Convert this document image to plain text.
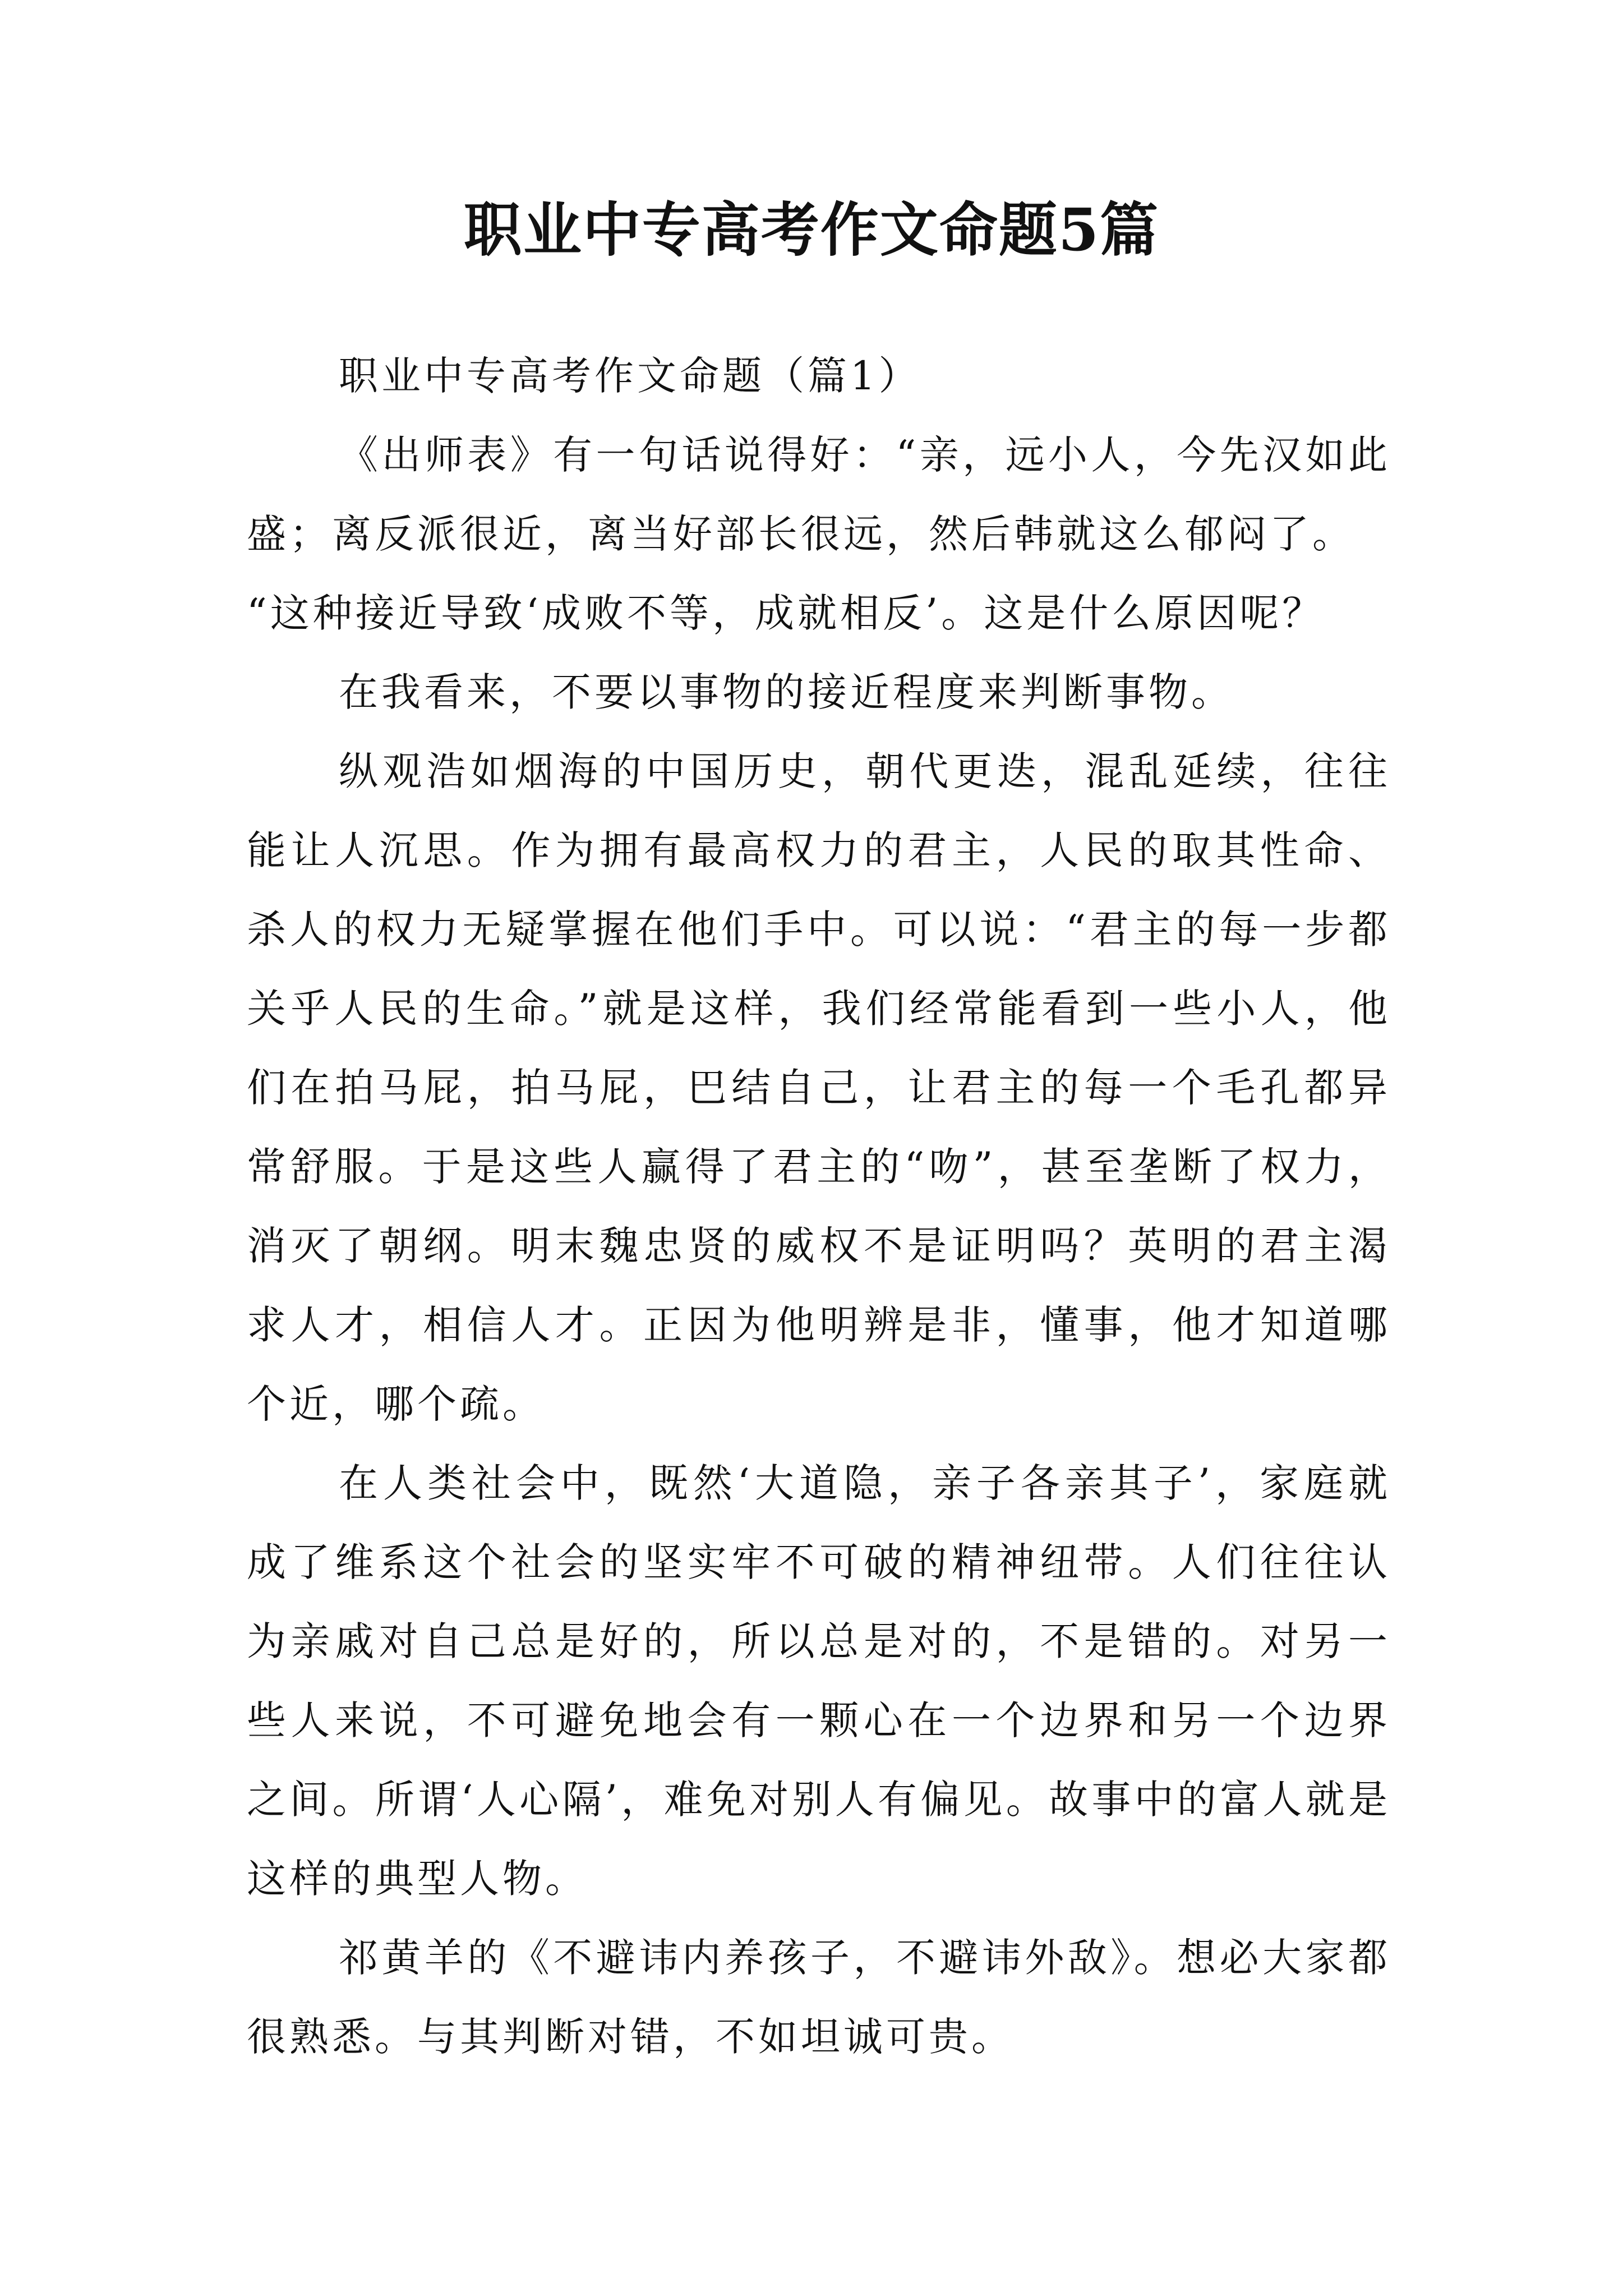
职业中专高考作文命题5篇

职业中专高考作文命题（篇1）

《出师表》有一句话说得好：“亲，远小人，今先汉如此盛；离反派很近，离当好部长很远，然后韩就这么郁闷了。

“这种接近导致‘成败不等，成就相反’。这是什么原因呢？

在我看来，不要以事物的接近程度来判断事物。

纵观浩如烟海的中国历史，朝代更迭，混乱延续，往往能让人沉思。作为拥有最高权力的君主，人民的取其性命、杀人的权力无疑掌握在他们手中。可以说：“君主的每一步都关乎人民的生命。”就是这样，我们经常能看到一些小人，他们在拍马屁，拍马屁，巴结自己，让君主的每一个毛孔都异常舒服。于是这些人赢得了君主的“吻”，甚至垄断了权力，消灭了朝纲。明末魏忠贤的威权不是证明吗？英明的君主渴求人才，相信人才。正因为他明辨是非，懂事，他才知道哪个近，哪个疏。

在人类社会中，既然‘大道隐，亲子各亲其子’，家庭就成了维系这个社会的坚实牢不可破的精神纽带。人们往往认为亲戚对自己总是好的，所以总是对的，不是错的。对另一些人来说，不可避免地会有一颗心在一个边界和另一个边界之间。所谓‘人心隔’，难免对别人有偏见。故事中的富人就是这样的典型人物。

祁黄羊的《不避讳内养孩子，不避讳外敌》。想必大家都很熟悉。与其判断对错，不如坦诚可贵。
